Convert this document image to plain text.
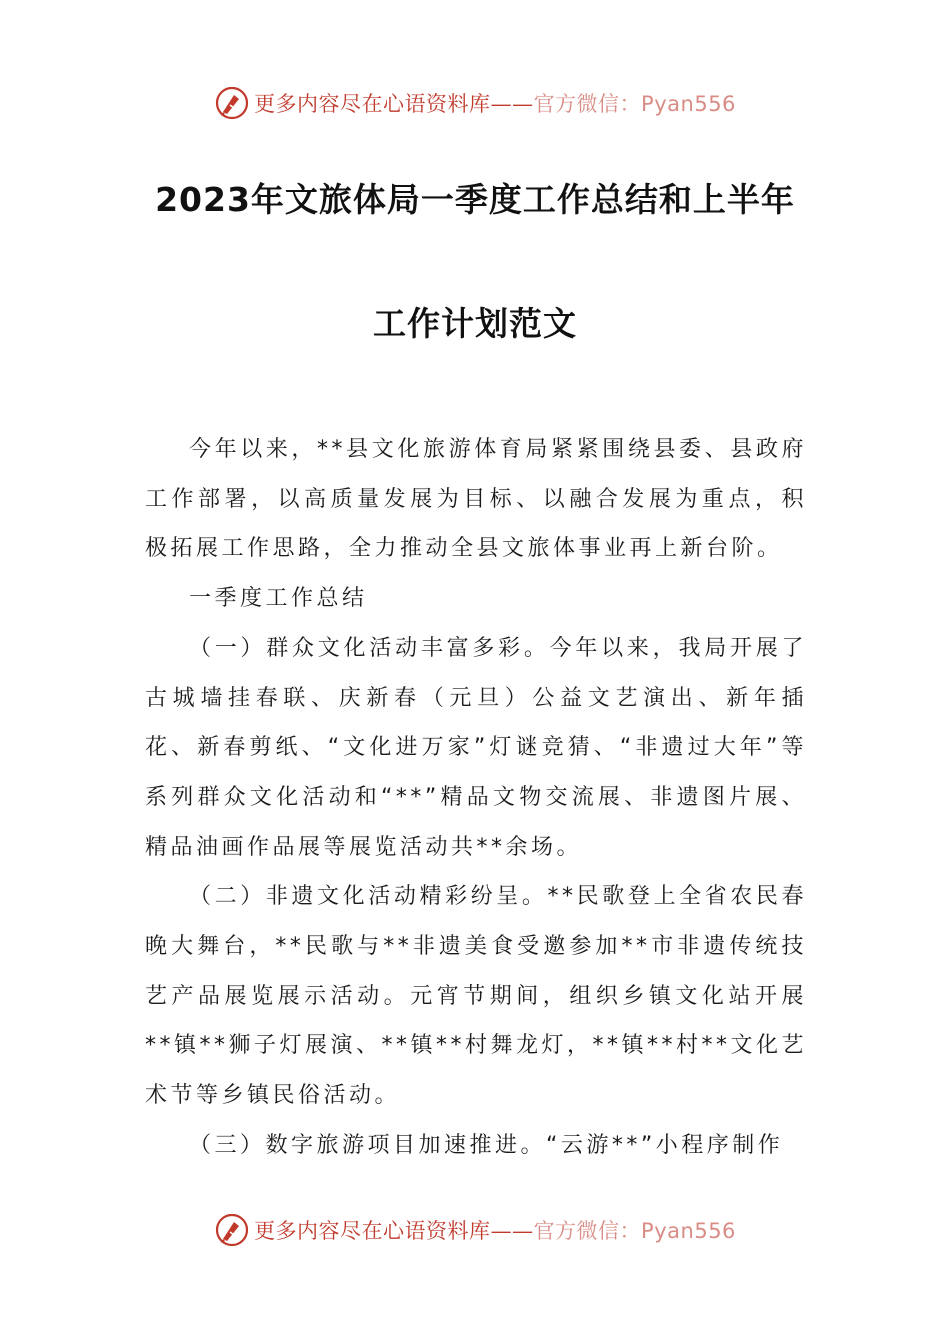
更多内容尽在心语资料库——官方微信：Pyan556
2023年文旅体局一季度工作总结和上半年
工作计划范文

今年以来，**县文化旅游体育局紧紧围绕县委、县政府工作部署，以高质量发展为目标、以融合发展为重点，积极拓展工作思路，全力推动全县文旅体事业再上新台阶。

一季度工作总结

（一）群众文化活动丰富多彩。今年以来，我局开展了古城墙挂春联、庆新春（元旦）公益文艺演出、新年插花、新春剪纸、“文化进万家”灯谜竞猜、“非遗过大年”等系列群众文化活动和“**”精品文物交流展、非遗图片展、精品油画作品展等展览活动共**余场。

（二）非遗文化活动精彩纷呈。**民歌登上全省农民春晚大舞台，**民歌与**非遗美食受邀参加**市非遗传统技艺产品展览展示活动。元宵节期间，组织乡镇文化站开展**镇**狮子灯展演、**镇**村舞龙灯，**镇**村**文化艺术节等乡镇民俗活动。

（三）数字旅游项目加速推进。“云游**”小程序制作

更多内容尽在心语资料库——官方微信：Pyan556
